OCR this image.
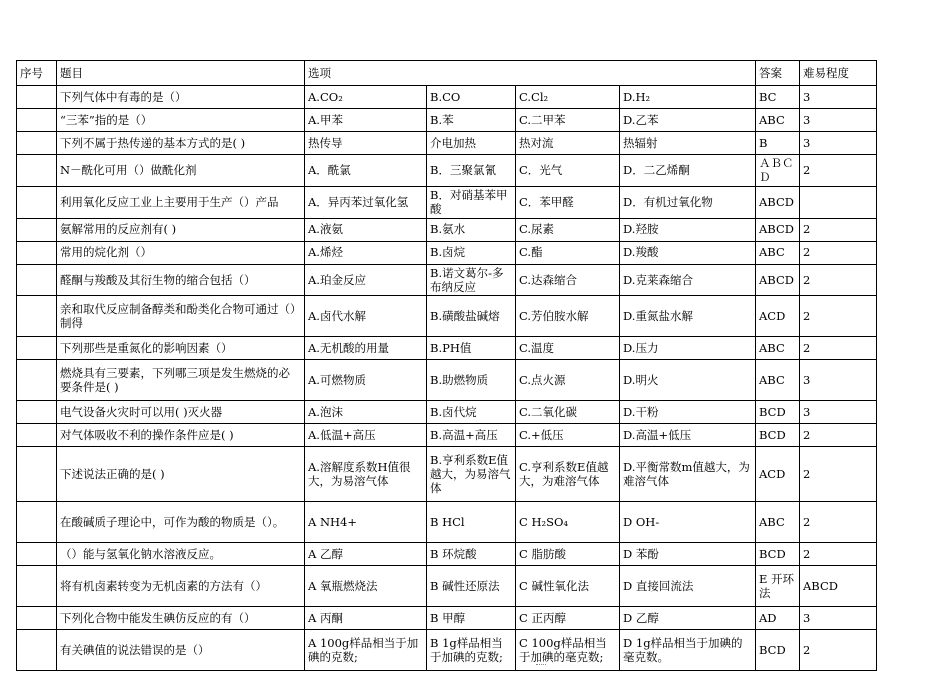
序号	题目	选项				答案	难易程度
	下列气体中有毒的是（）	A.CO₂	B.CO	C.Cl₂	D.H₂	BC	3
	“三苯”指的是（）	A.甲苯	B.苯	C.二甲苯	D.乙苯	ABC	3
	下列不属于热传递的基本方式的是( )	热传导	介电加热	热对流	热辐射	B	3
	N－酰化可用（）做酰化剂	A．酰氯	B．三聚氯氰	C．光气	D．二乙烯酮	ＡＢＣＤ	2
	利用氧化反应工业上主要用于生产（）产品	A．异丙苯过氧化氢	B．对硝基苯甲酸	C．苯甲醛	D．有机过氧化物	ABCD	
	氨解常用的反应剂有( )	A.液氨	B.氨水	C.尿素	D.羟胺	ABCD	2
	常用的烷化剂（）	A.烯烃	B.卤烷	C.酯	D.羧酸	ABC	2
	醛酮与羧酸及其衍生物的缩合包括（）	A.珀金反应	B.诺文葛尔-多布纳反应	C.达森缩合	D.克莱森缩合	ABCD	2
	亲和取代反应制备醇类和酚类化合物可通过（）制得	A.卤代水解	B.磺酸盐碱熔	C.芳伯胺水解	D.重氮盐水解	ACD	2
	下列那些是重氮化的影响因素（）	A.无机酸的用量	B.PH值	C.温度	D.压力	ABC	2
	燃烧具有三要素，下列哪三项是发生燃烧的必要条件是( )	A.可燃物质	B.助燃物质	C.点火源	D.明火	ABC	3
	电气设备火灾时可以用( )灭火器	A.泡沫	B.卤代烷	C.二氧化碳	D.干粉	BCD	3
	对气体吸收不利的操作条件应是( )	A.低温+高压	B.高温+高压	C.+低压	D.高温+低压	BCD	2
	下述说法正确的是( )	A.溶解度系数H值很大，为易溶气体	B.亨利系数E值越大，为易溶气体	C.亨利系数E值越大，为难溶气体	D.平衡常数m值越大，为难溶气体	ACD	2
	在酸碱质子理论中，可作为酸的物质是（）。	A NH4+	B HCl	C H₂SO₄	D OH-	ABC	2
	（）能与氢氧化钠水溶液反应。	A 乙醇	B 环烷酸	C 脂肪酸	D 苯酚	BCD	2
	将有机卤素转变为无机卤素的方法有（）	A 氧瓶燃烧法	B 碱性还原法	C 碱性氧化法	D 直接回流法	E 开环法	ABCD
	下列化合物中能发生碘仿反应的有（）	A 丙酮	B 甲醇	C 正丙醇	D 乙醇	AD	3
	有关碘值的说法错误的是（）	A 100g样品相当于加碘的克数;	B 1g样品相当于加碘的克数;	C 100g样品相当于加碘的毫克数;	D 1g样品相当于加碘的毫克数。	BCD	2
